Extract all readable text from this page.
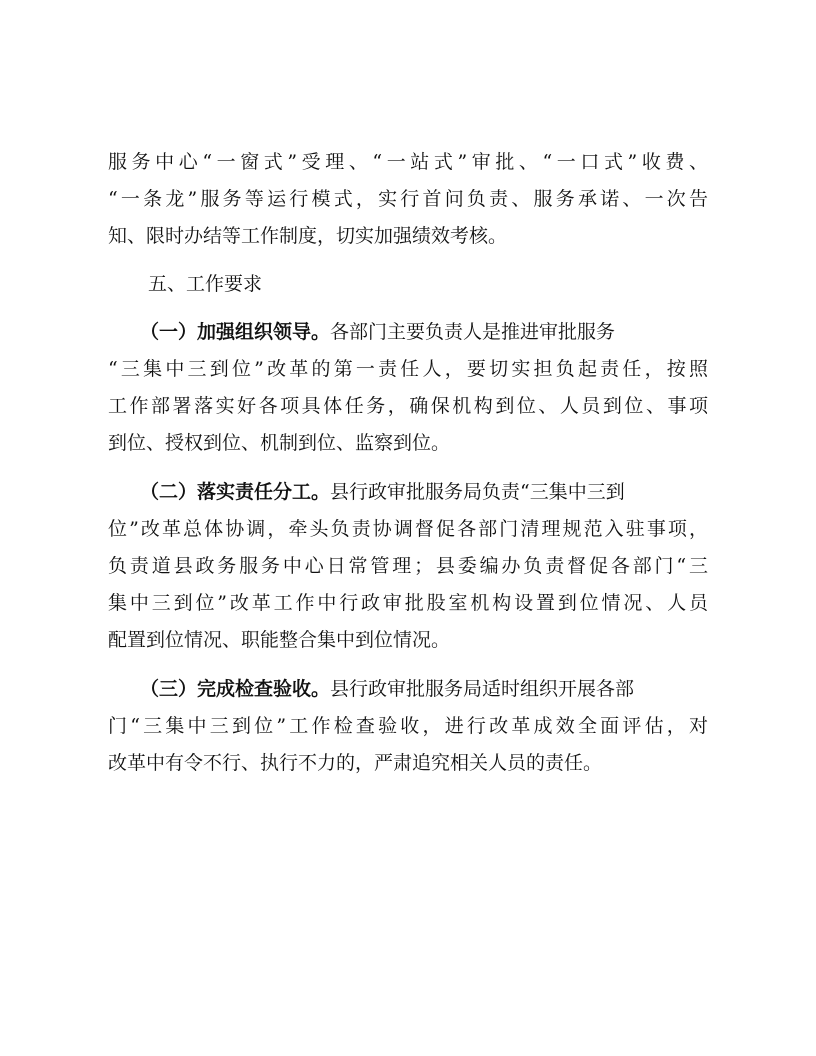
服务中心“一窗式”受理、“一站式”审批、“一口式”收费、
“一条龙”服务等运行模式，实行首问负责、服务承诺、一次告
知、限时办结等工作制度，切实加强绩效考核。
五、工作要求
（一）加强组织领导。各部门主要负责人是推进审批服务
“三集中三到位”改革的第一责任人，要切实担负起责任，按照
工作部署落实好各项具体任务，确保机构到位、人员到位、事项
到位、授权到位、机制到位、监察到位。
（二）落实责任分工。县行政审批服务局负责“三集中三到
位”改革总体协调，牵头负责协调督促各部门清理规范入驻事项，
负责道县政务服务中心日常管理；县委编办负责督促各部门“三
集中三到位”改革工作中行政审批股室机构设置到位情况、人员
配置到位情况、职能整合集中到位情况。
（三）完成检查验收。县行政审批服务局适时组织开展各部
门“三集中三到位”工作检查验收，进行改革成效全面评估，对
改革中有令不行、执行不力的，严肃追究相关人员的责任。
